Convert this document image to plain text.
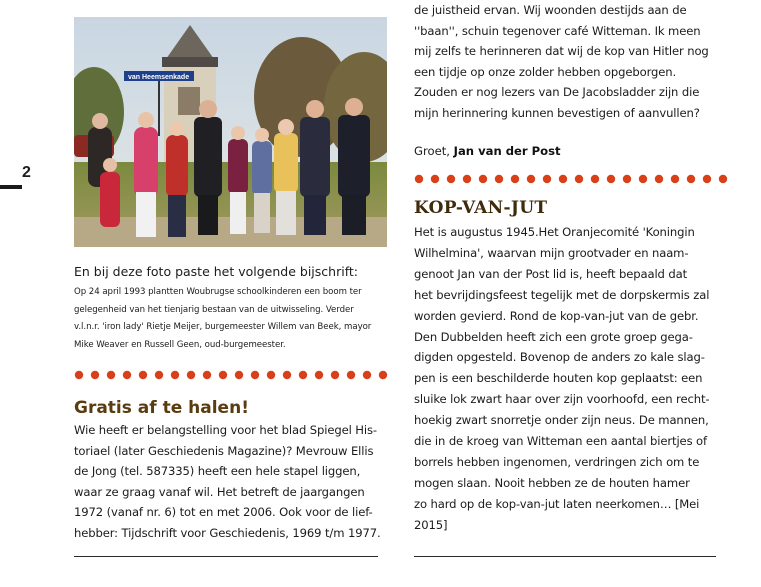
2
van Heemsenkade
En bij deze foto paste het volgende bijschrift:
Op 24 april 1993 plantten Woubrugse schoolkinderen een boom ter
gelegenheid van het tienjarig bestaan van de uitwisseling. Verder
v.l.n.r. 'iron lady' Rietje Meijer, burgemeester Willem van Beek, mayor
Mike Weaver en Russell Geen, oud-burgemeester.
Gratis af te halen!
Wie heeft er belangstelling voor het blad Spiegel His-
toriael (later Geschiedenis Magazine)? Mevrouw Ellis
de Jong (tel. 587335) heeft een hele stapel liggen,
waar ze graag vanaf wil. Het betreft de jaargangen
1972 (vanaf nr. 6) tot en met 2006. Ook voor de lief-
hebber: Tijdschrift voor Geschiedenis, 1969 t/m 1977.
de juistheid ervan. Wij woonden destijds aan de
''baan'', schuin tegenover café Witteman. Ik meen
mij zelfs te herinneren dat wij de kop van Hitler nog
een tijdje op onze zolder hebben opgeborgen.
Zouden er nog lezers van De Jacobsladder zijn die
mijn herinnering kunnen bevestigen of aanvullen?
Groet, Jan van der Post
KOP-VAN-JUT
Het is augustus 1945.Het Oranjecomité 'Koningin
Wilhelmina', waarvan mijn grootvader en naam-
genoot Jan van der Post lid is, heeft bepaald dat
het bevrijdingsfeest tegelijk met de dorpskermis zal
worden gevierd. Rond de kop-van-jut van de gebr.
Den Dubbelden heeft zich een grote groep gega-
digden opgesteld. Bovenop de anders zo kale slag-
pen is een beschilderde houten kop geplaatst: een
sluike lok zwart haar over zijn voorhoofd, een recht-
hoekig zwart snorretje onder zijn neus. De mannen,
die in de kroeg van Witteman een aantal biertjes of
borrels hebben ingenomen, verdringen zich om te
mogen slaan. Nooit hebben ze de houten hamer
zo hard op de kop-van-jut laten neerkomen… [Mei
2015]
